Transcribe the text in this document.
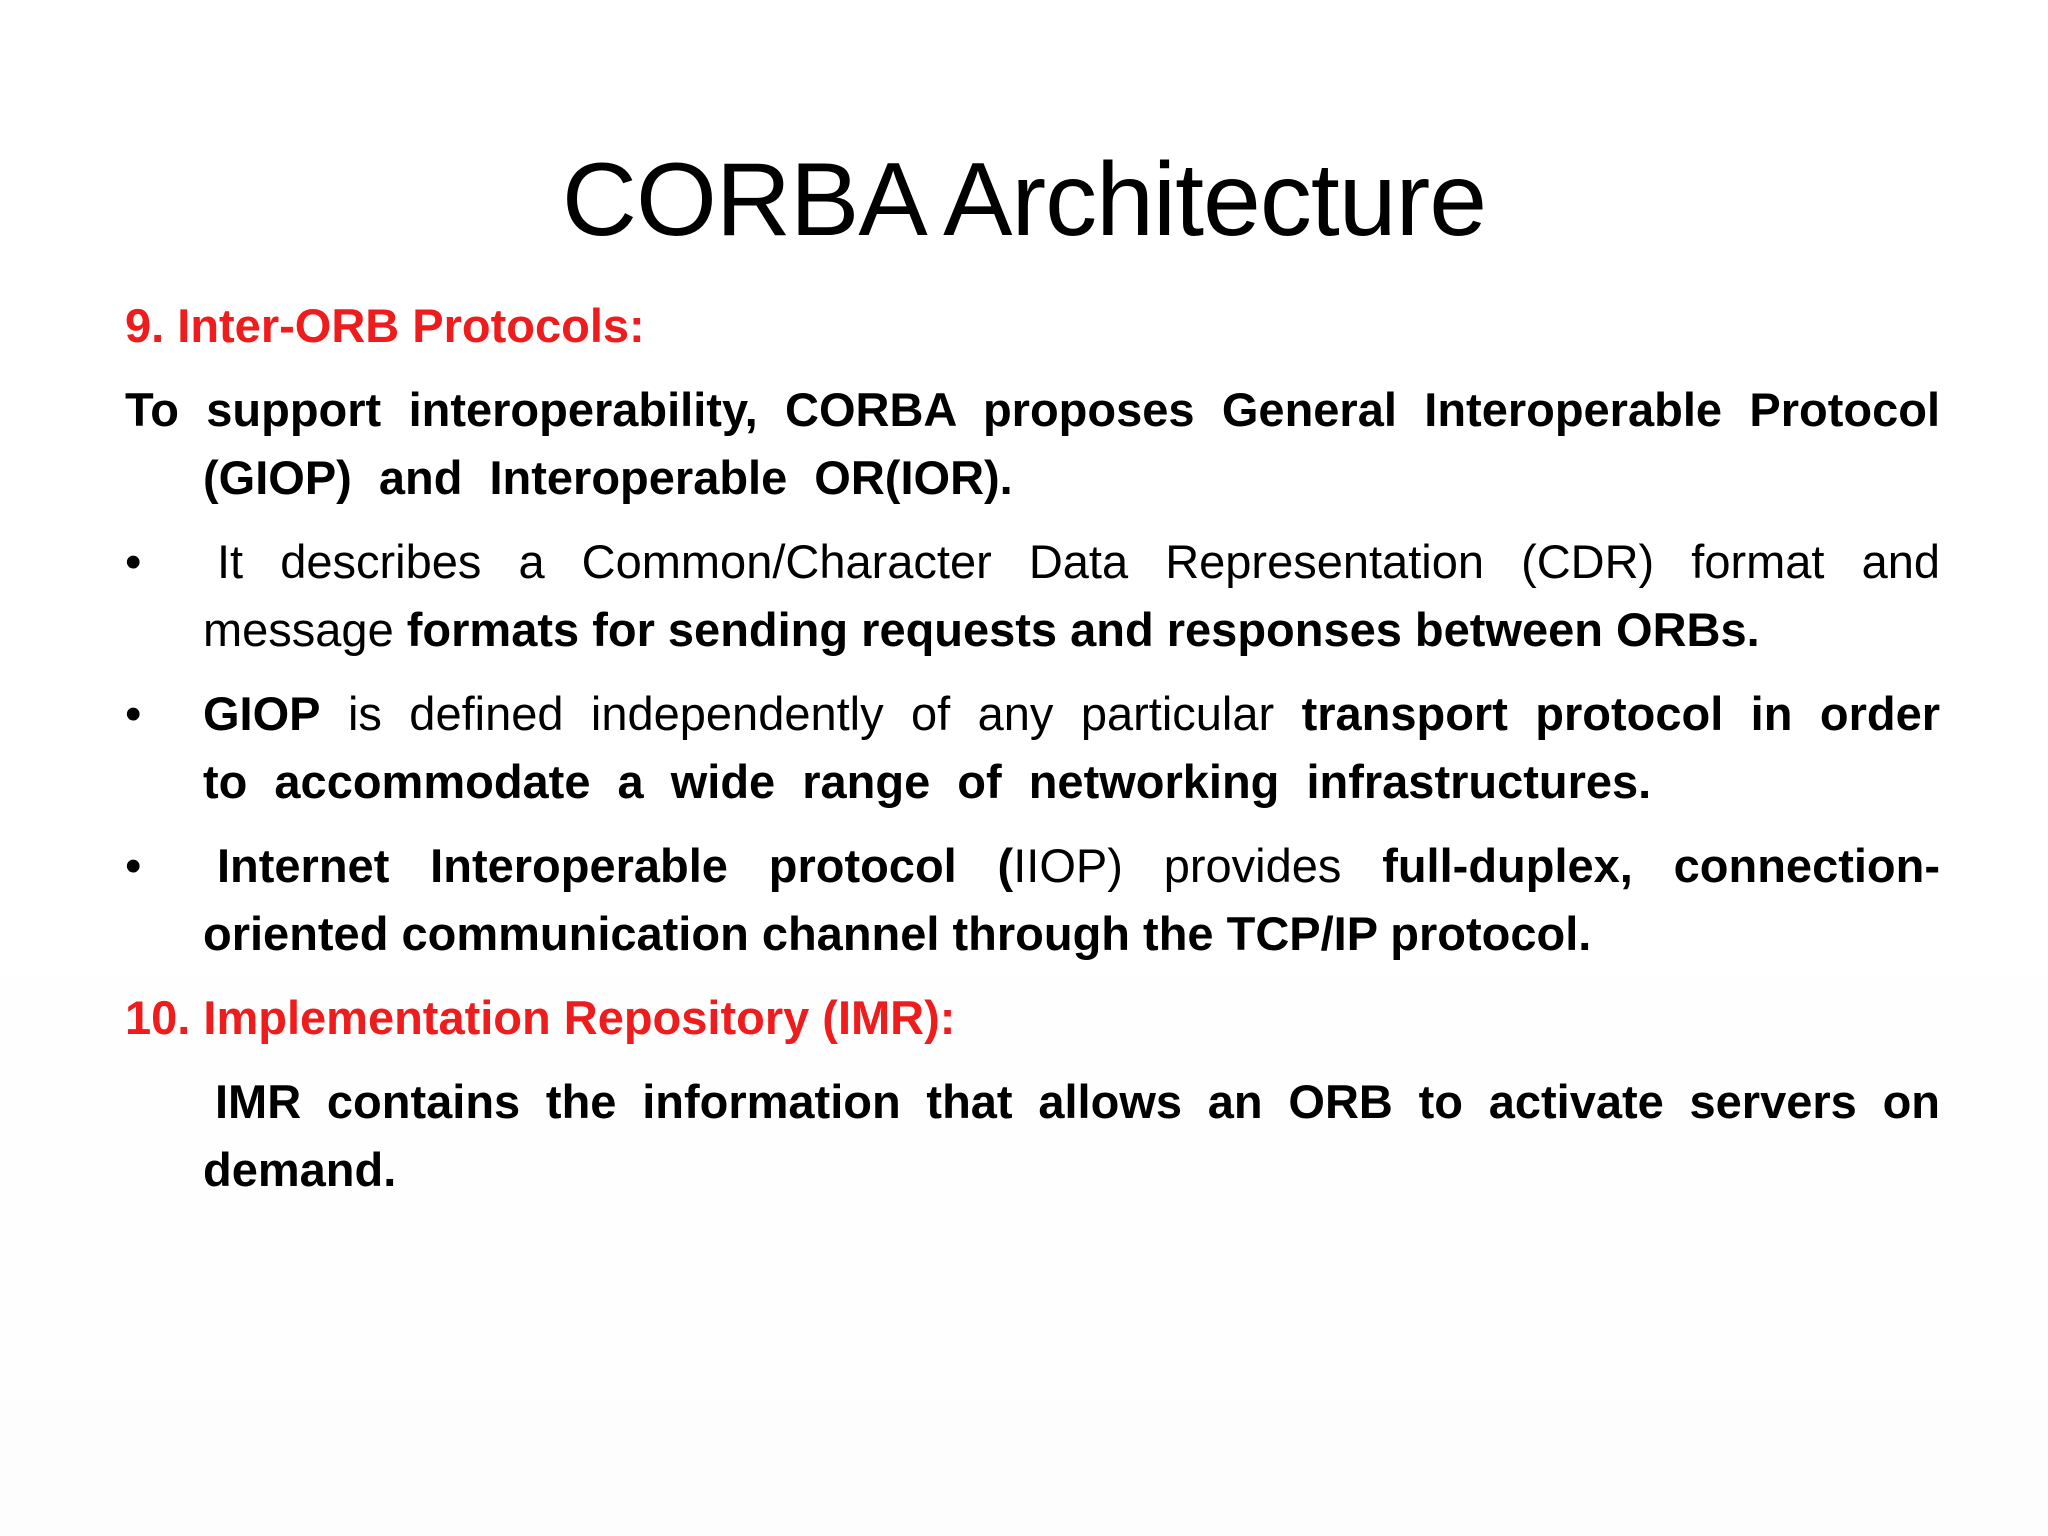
CORBA Architecture
9. Inter-ORB Protocols:
To support interoperability, CORBA proposes General Interoperable Protocol (GIOP) and Interoperable OR(IOR).
•	It describes a Common/Character Data Representation (CDR) format and message formats for sending requests and responses between ORBs.
•	GIOP is defined independently of any particular transport protocol in order to accommodate a wide range of networking infrastructures.
•	Internet Interoperable protocol (IIOP) provides full-duplex, connection-oriented communication channel through the TCP/IP protocol.
10. Implementation Repository (IMR):
IMR contains the information that allows an ORB to activate servers on demand.
